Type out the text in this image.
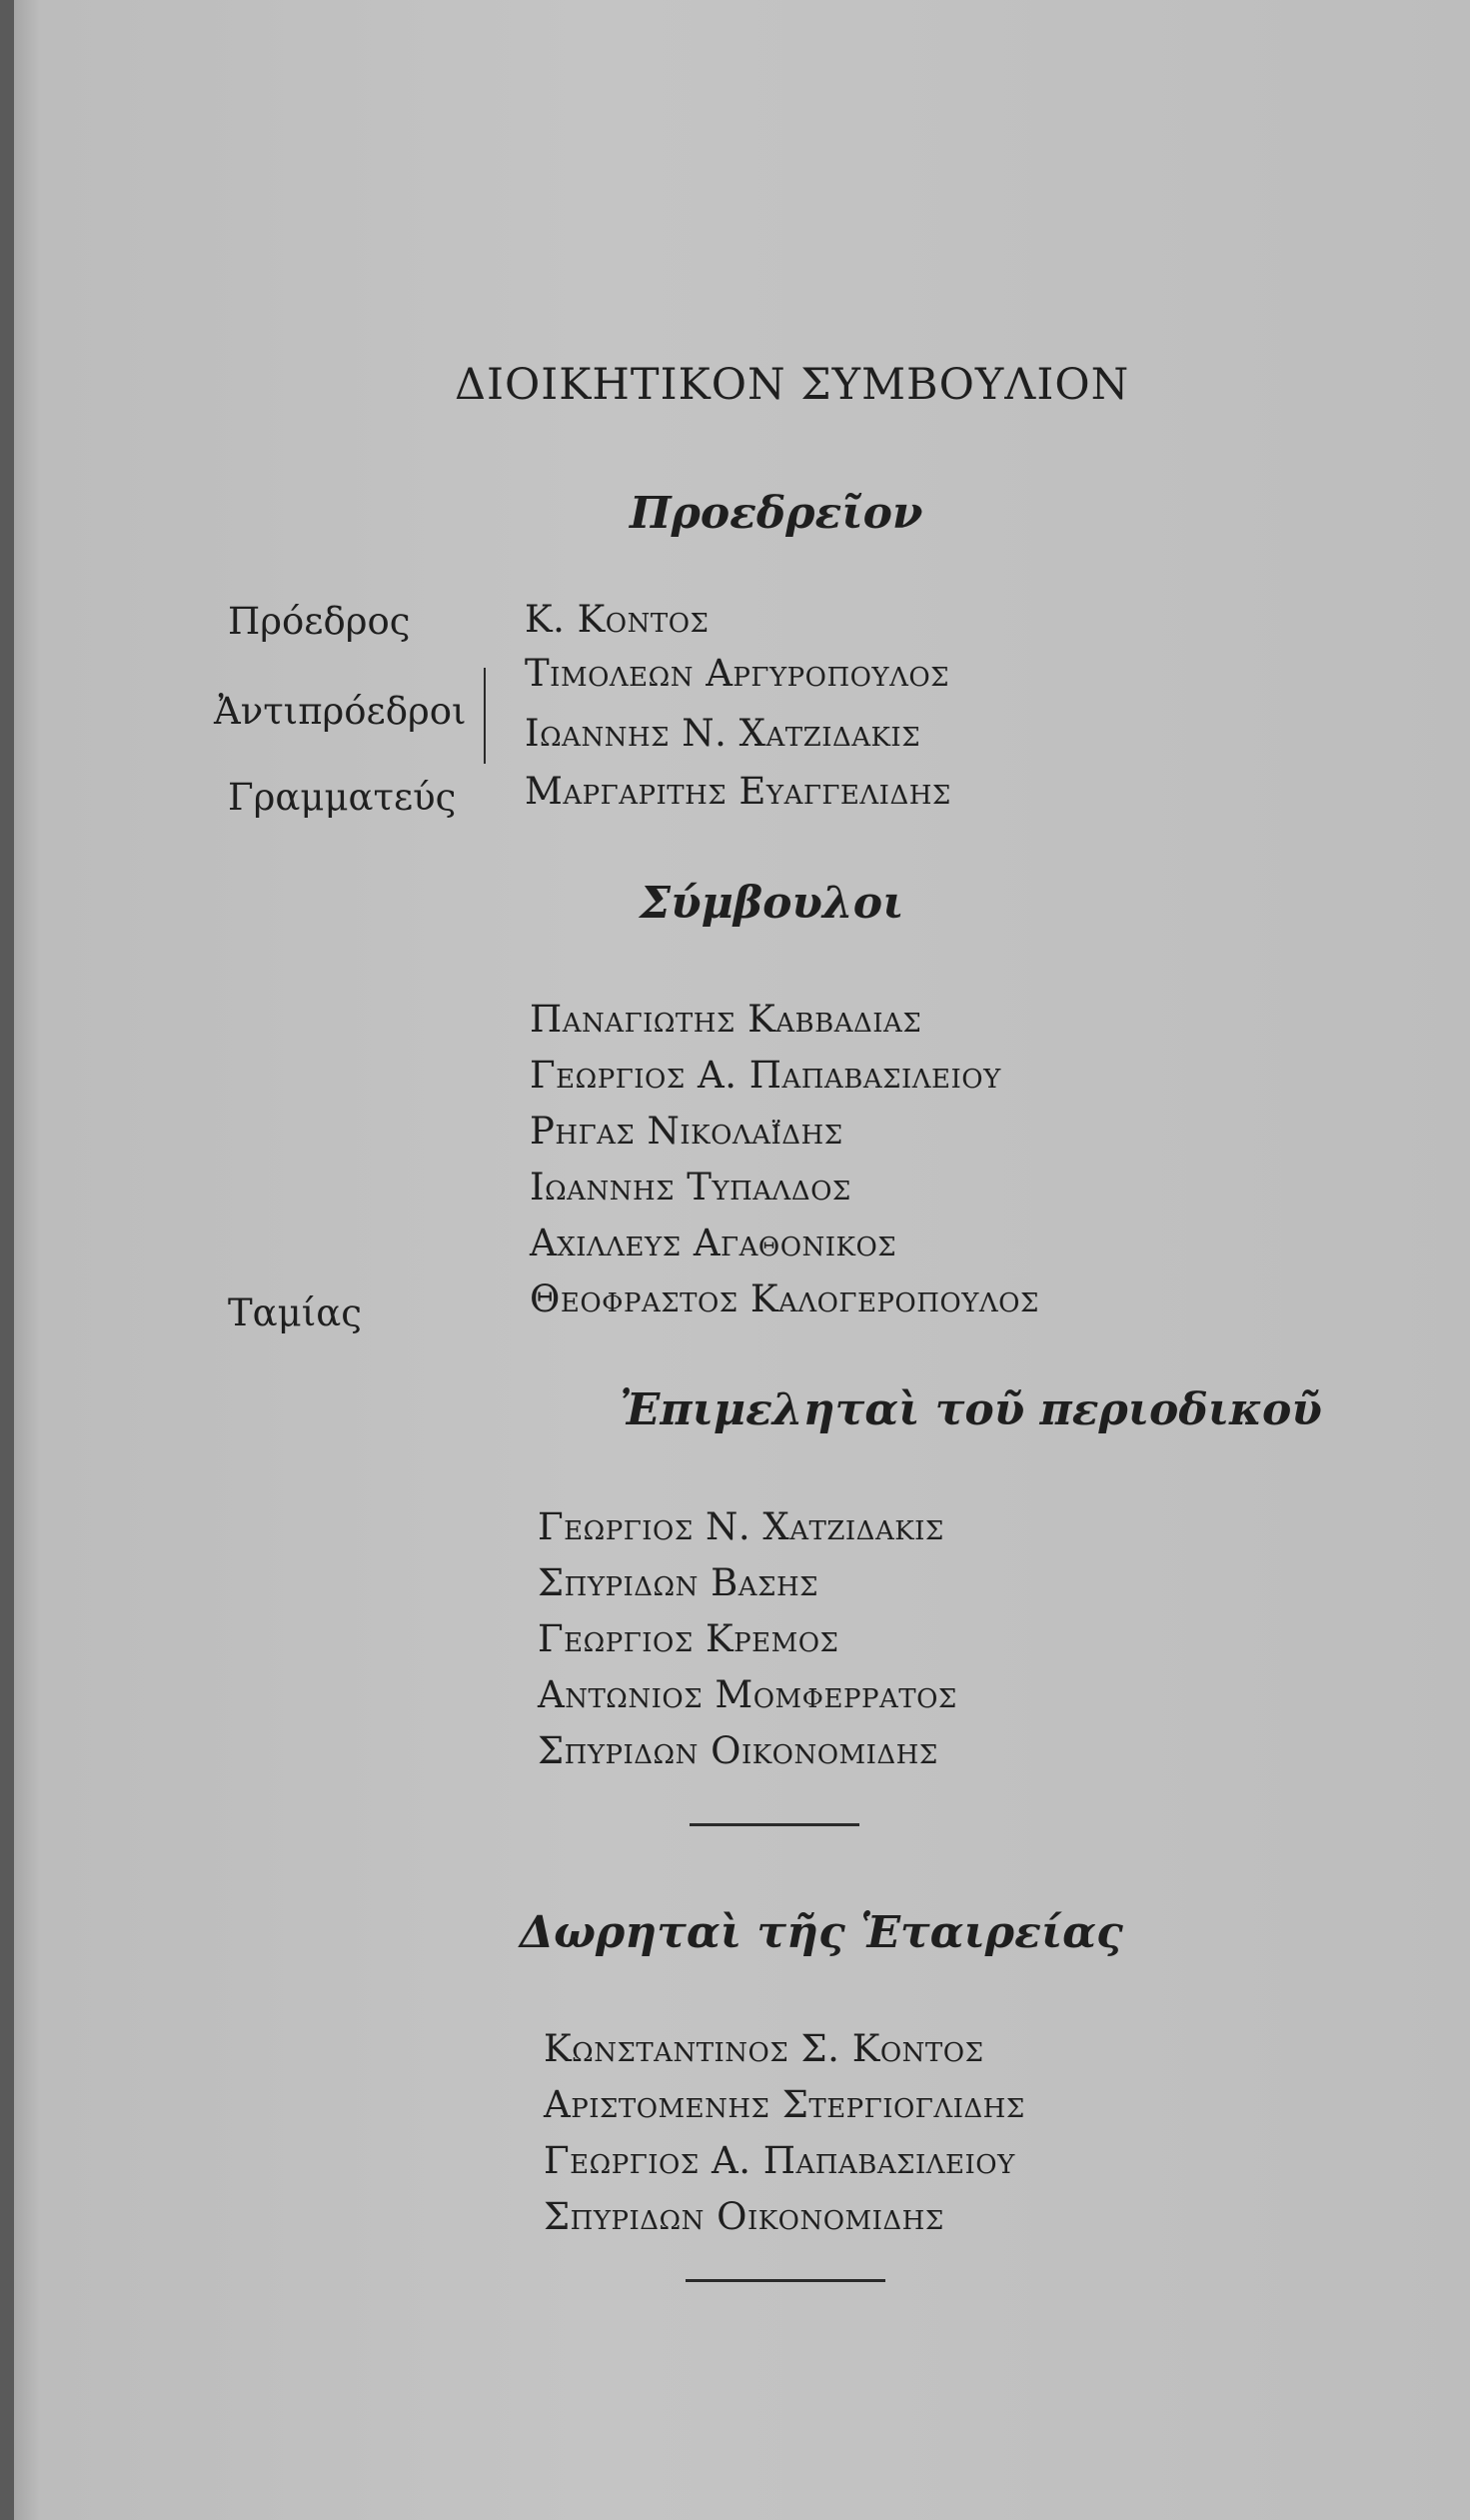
ΔΙΟΙΚΗΤΙΚΟΝ ΣΥΜΒΟΥΛΙΟΝ
Προεδρεῖον
Πρόεδρος	Κ. Κοντος
Ἀντιπρόεδροι
Τιμολεων Αργυροπουλος
Ιωαννης Ν. Χατζιδακις
Γραμματεύς Μαργαριτης Ευαγγελιδης
Σύμβουλοι
Παναγιωτης Καββαδιας
Γεωργιος Α. Παπαβασιλειου
Ρηγας Νικολαΐδης
Ιωαννης Τυπαλδος
Αχιλλευς Αγαθονικος
Ταμίας	Θεοφραστος Καλογεροπουλος
Ἐπιμεληταὶ τοῦ περιοδικοῦ
Γεωργιος Ν. Χατζιδακις
Σπυριδων Βασης
Γεωργιος Κρεμος
Αντωνιος Μομφερρατος
Σπυριδων Οικονομιδης
Δωρηταὶ τῆς Ἑταιρείας
Κωνσταντινος Σ. Κοντος
Αριστομενης Στεργιογλιδης
Γεωργιος Α. Παπαβασιλειου
Σπυριδων Οικονομιδης
